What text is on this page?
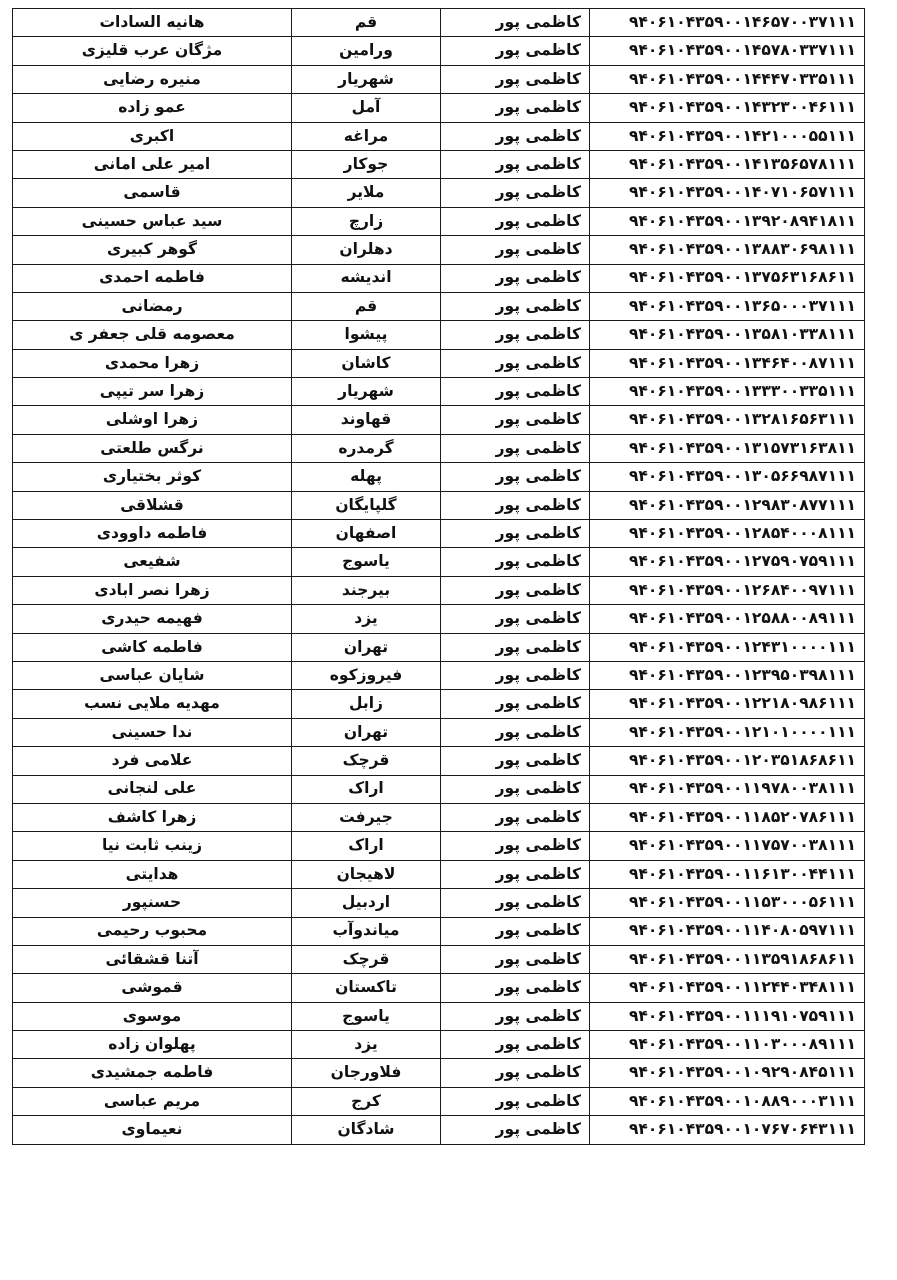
هانیه السادات	قم	کاظمی پور	۹۴۰۶۱۰۴۳۵۹۰۰۱۴۶۵۷۰۰۳۷۱۱۱
مژگان عرب قلیزی	ورامین	کاظمی پور	۹۴۰۶۱۰۴۳۵۹۰۰۱۴۵۷۸۰۳۳۷۱۱۱
منیره رضایی	شهریار	کاظمی پور	۹۴۰۶۱۰۴۳۵۹۰۰۱۴۴۴۷۰۳۳۵۱۱۱
عمو زاده	آمل	کاظمی پور	۹۴۰۶۱۰۴۳۵۹۰۰۱۴۳۲۳۰۰۴۶۱۱۱
اکبری	مراغه	کاظمی پور	۹۴۰۶۱۰۴۳۵۹۰۰۱۴۲۱۰۰۰۵۵۱۱۱
امیر علی امانی	جوکار	کاظمی پور	۹۴۰۶۱۰۴۳۵۹۰۰۱۴۱۳۵۶۵۷۸۱۱۱
قاسمی	ملایر	کاظمی پور	۹۴۰۶۱۰۴۳۵۹۰۰۱۴۰۷۱۰۶۵۷۱۱۱
سید عباس حسینی	زارچ	کاظمی پور	۹۴۰۶۱۰۴۳۵۹۰۰۱۳۹۲۰۸۹۴۱۸۱۱
گوهر کبیری	دهلران	کاظمی پور	۹۴۰۶۱۰۴۳۵۹۰۰۱۳۸۸۳۰۶۹۸۱۱۱
فاطمه احمدی	اندیشه	کاظمی پور	۹۴۰۶۱۰۴۳۵۹۰۰۱۳۷۵۶۳۱۶۸۶۱۱
رمضانی	قم	کاظمی پور	۹۴۰۶۱۰۴۳۵۹۰۰۱۳۶۵۰۰۰۳۷۱۱۱
معصومه قلی جعفر ی	پیشوا	کاظمی پور	۹۴۰۶۱۰۴۳۵۹۰۰۱۳۵۸۱۰۳۳۸۱۱۱
زهرا محمدی	کاشان	کاظمی پور	۹۴۰۶۱۰۴۳۵۹۰۰۱۳۴۶۴۰۰۸۷۱۱۱
زهرا سر تیپی	شهریار	کاظمی پور	۹۴۰۶۱۰۴۳۵۹۰۰۱۳۳۳۰۰۳۳۵۱۱۱
زهرا اوشلی	قهاوند	کاظمی پور	۹۴۰۶۱۰۴۳۵۹۰۰۱۳۲۸۱۶۵۶۳۱۱۱
نرگس طلعتی	گرمدره	کاظمی پور	۹۴۰۶۱۰۴۳۵۹۰۰۱۳۱۵۷۳۱۶۳۸۱۱
کوثر بختیاری	پهله	کاظمی پور	۹۴۰۶۱۰۴۳۵۹۰۰۱۳۰۵۶۶۹۸۷۱۱۱
قشلاقی	گلپایگان	کاظمی پور	۹۴۰۶۱۰۴۳۵۹۰۰۱۲۹۸۳۰۸۷۷۱۱۱
فاطمه داوودی	اصفهان	کاظمی پور	۹۴۰۶۱۰۴۳۵۹۰۰۱۲۸۵۴۰۰۰۸۱۱۱
شفیعی	یاسوج	کاظمی پور	۹۴۰۶۱۰۴۳۵۹۰۰۱۲۷۵۹۰۷۵۹۱۱۱
زهرا نصر ابادی	بیرجند	کاظمی پور	۹۴۰۶۱۰۴۳۵۹۰۰۱۲۶۸۴۰۰۹۷۱۱۱
فهیمه حیدری	یزد	کاظمی پور	۹۴۰۶۱۰۴۳۵۹۰۰۱۲۵۸۸۰۰۸۹۱۱۱
فاطمه کاشی	تهران	کاظمی پور	۹۴۰۶۱۰۴۳۵۹۰۰۱۲۴۳۱۰۰۰۰۱۱۱
شایان عباسی	فیروزکوه	کاظمی پور	۹۴۰۶۱۰۴۳۵۹۰۰۱۲۳۹۵۰۳۹۸۱۱۱
مهدیه ملایی نسب	زابل	کاظمی پور	۹۴۰۶۱۰۴۳۵۹۰۰۱۲۲۱۸۰۹۸۶۱۱۱
ندا حسینی	تهران	کاظمی پور	۹۴۰۶۱۰۴۳۵۹۰۰۱۲۱۰۱۰۰۰۰۱۱۱
علامی فرد	قرچک	کاظمی پور	۹۴۰۶۱۰۴۳۵۹۰۰۱۲۰۳۵۱۸۶۸۶۱۱
علی لنجانی	اراک	کاظمی پور	۹۴۰۶۱۰۴۳۵۹۰۰۱۱۹۷۸۰۰۳۸۱۱۱
زهرا کاشف	جیرفت	کاظمی پور	۹۴۰۶۱۰۴۳۵۹۰۰۱۱۸۵۲۰۷۸۶۱۱۱
زینب ثابت نیا	اراک	کاظمی پور	۹۴۰۶۱۰۴۳۵۹۰۰۱۱۷۵۷۰۰۳۸۱۱۱
هدایتی	لاهیجان	کاظمی پور	۹۴۰۶۱۰۴۳۵۹۰۰۱۱۶۱۳۰۰۴۴۱۱۱
حسنپور	اردبیل	کاظمی پور	۹۴۰۶۱۰۴۳۵۹۰۰۱۱۵۳۰۰۰۵۶۱۱۱
محبوب رحیمی	میاندوآب	کاظمی پور	۹۴۰۶۱۰۴۳۵۹۰۰۱۱۴۰۸۰۵۹۷۱۱۱
آتنا قشقائی	قرچک	کاظمی پور	۹۴۰۶۱۰۴۳۵۹۰۰۱۱۳۵۹۱۸۶۸۶۱۱
قموشی	تاکستان	کاظمی پور	۹۴۰۶۱۰۴۳۵۹۰۰۱۱۲۴۴۰۳۴۸۱۱۱
موسوی	یاسوج	کاظمی پور	۹۴۰۶۱۰۴۳۵۹۰۰۱۱۱۹۱۰۷۵۹۱۱۱
پهلوان زاده	یزد	کاظمی پور	۹۴۰۶۱۰۴۳۵۹۰۰۱۱۰۳۰۰۰۸۹۱۱۱
فاطمه جمشیدی	فلاورجان	کاظمی پور	۹۴۰۶۱۰۴۳۵۹۰۰۱۰۹۲۹۰۸۴۵۱۱۱
مریم عباسی	کرج	کاظمی پور	۹۴۰۶۱۰۴۳۵۹۰۰۱۰۸۸۹۰۰۰۳۱۱۱
نعیماوی	شادگان	کاظمی پور	۹۴۰۶۱۰۴۳۵۹۰۰۱۰۷۶۷۰۶۴۳۱۱۱
